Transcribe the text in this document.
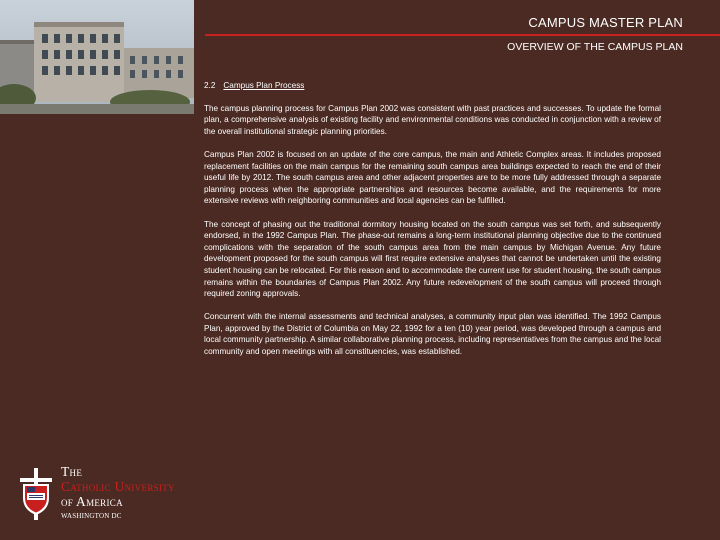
CAMPUS MASTER PLAN
OVERVIEW OF THE CAMPUS PLAN
2.2 Campus Plan Process

The campus planning process for Campus Plan 2002 was consistent with past practices and successes. To update the formal plan, a comprehensive analysis of existing facility and environmental conditions was conducted in conjunction with a review of the overall institutional strategic planning priorities.

Campus Plan 2002 is focused on an update of the core campus, the main and Athletic Complex areas. It includes proposed replacement facilities on the main campus for the remaining south campus area buildings expected to reach the end of their useful life by 2012. The south campus area and other adjacent properties are to be more fully addressed through a separate planning process when the appropriate partnerships and resources become available, and the requirements for more extensive reviews with neighboring communities and local agencies can be fulfilled.

The concept of phasing out the traditional dormitory housing located on the south campus was set forth, and subsequently endorsed, in the 1992 Campus Plan. The phase-out remains a long-term institutional planning objective due to the continued complications with the separation of the south campus area from the main campus by Michigan Avenue. Any future development proposed for the south campus will first require extensive analyses that cannot be undertaken until the existing student housing can be relocated. For this reason and to accommodate the current use for student housing, the south campus remains within the boundaries of Campus Plan 2002. Any future redevelopment of the south campus will proceed through required zoning approvals.

Concurrent with the internal assessments and technical analyses, a community input plan was identified. The 1992 Campus Plan, approved by the District of Columbia on May 22, 1992 for a ten (10) year period, was developed through a campus and local community partnership. A similar collaborative planning process, including representatives from the campus and the local community and open meetings with all constituencies, was established.

The
Catholic University
of America
WASHINGTON DC
